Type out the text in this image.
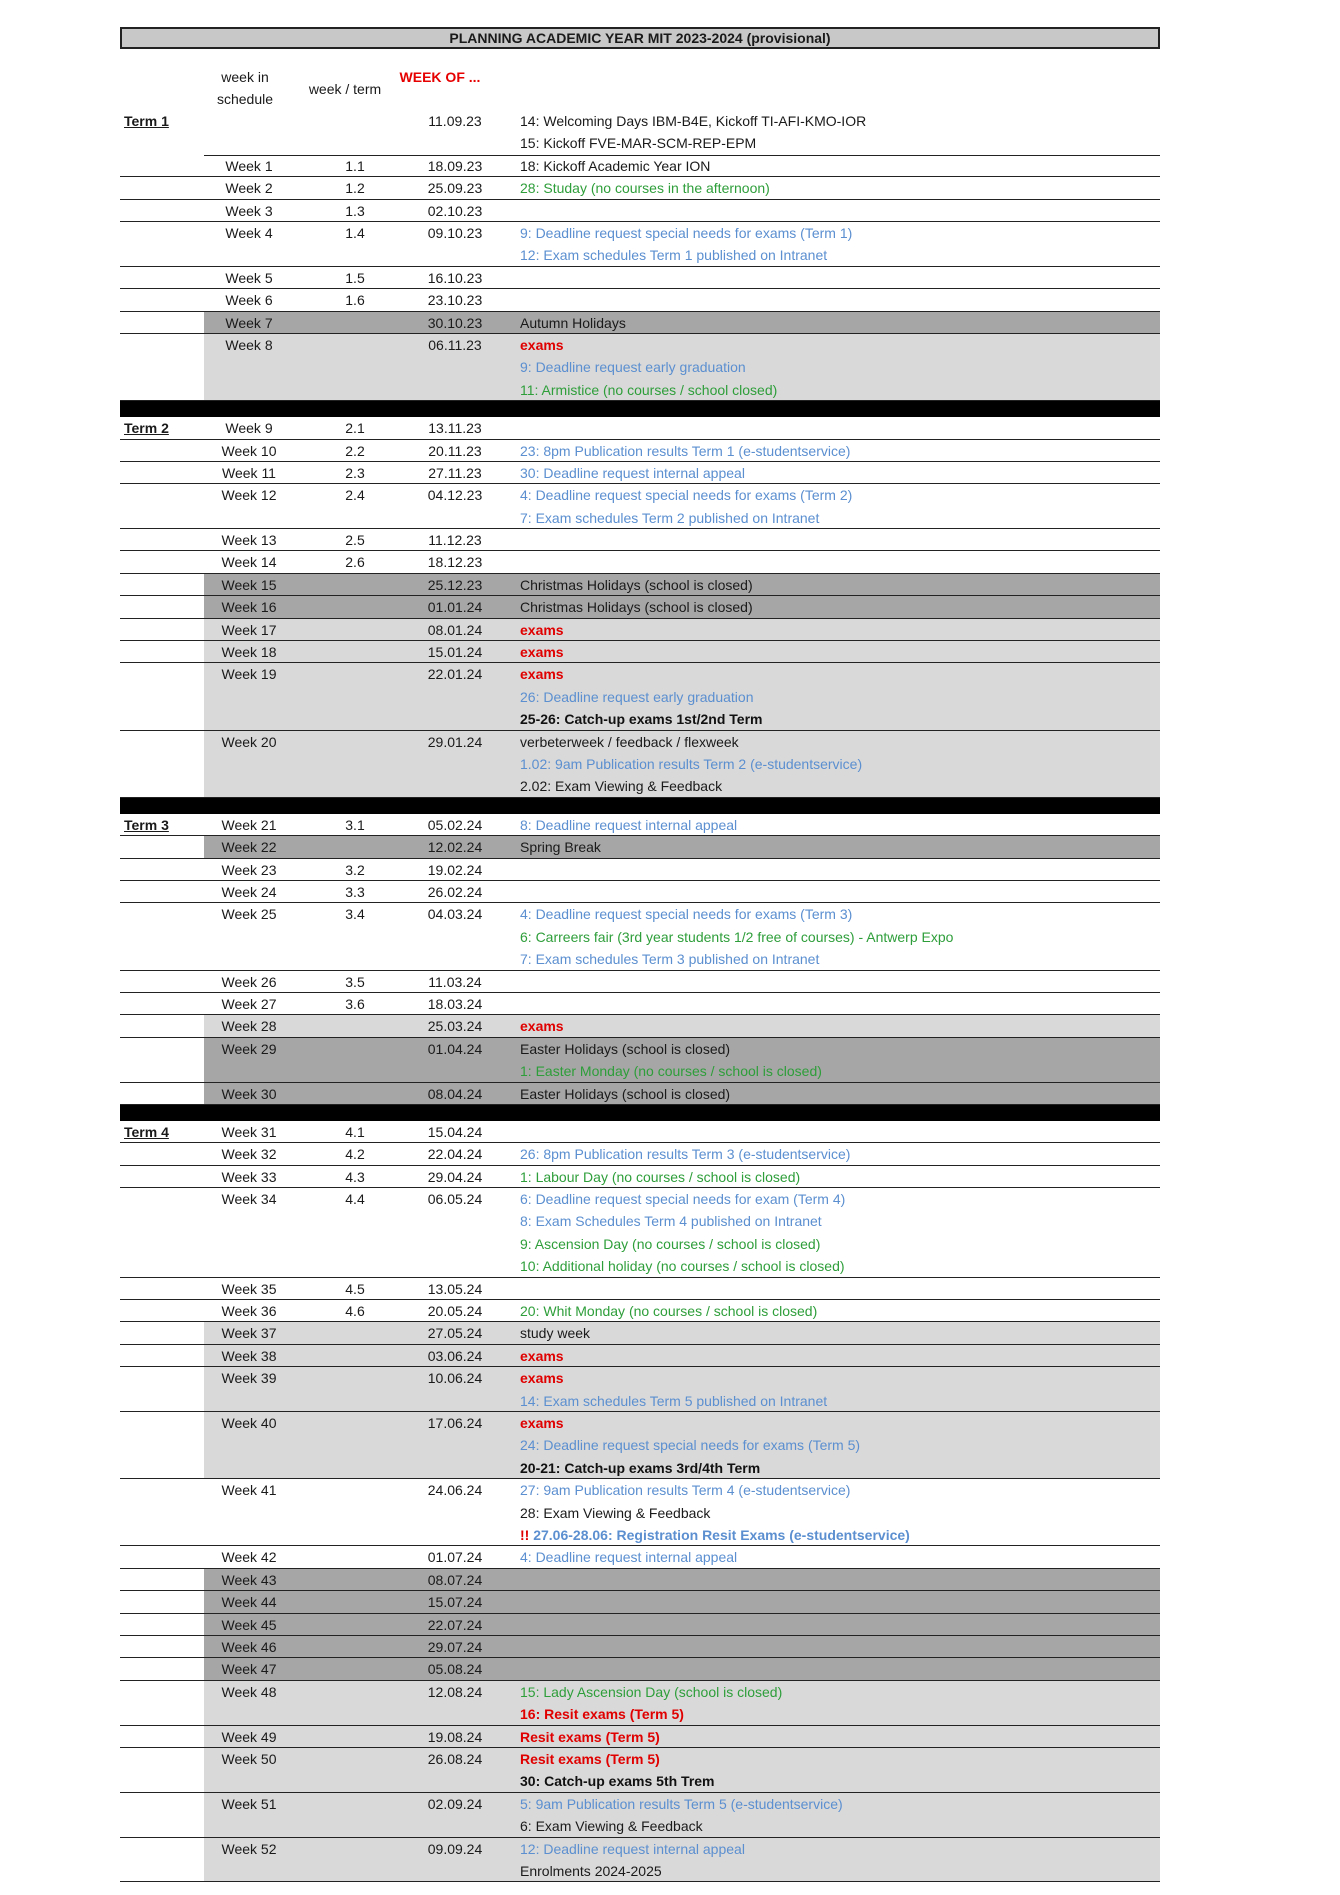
PLANNING ACADEMIC YEAR MIT 2023-2024 (provisional)
week in schedule
week / term
WEEK OF ...
Term 1	11.09.23	14: Welcoming Days IBM-B4E, Kickoff TI-AFI-KMO-IOR
15: Kickoff FVE-MAR-SCM-REP-EPM
Week 1	1.1	18.09.23	18: Kickoff Academic Year ION
Week 2	1.2	25.09.23	28: Studay (no courses in the afternoon)
Week 3	1.3	02.10.23
Week 4	1.4	09.10.23	9: Deadline request special needs for exams (Term 1)
12: Exam schedules Term 1 published on Intranet
Week 5	1.5	16.10.23
Week 6	1.6	23.10.23
Week 7	30.10.23	Autumn Holidays
Week 8	06.11.23	exams
9: Deadline request early graduation
11: Armistice (no courses / school closed)
Term 2	Week 9	2.1	13.11.23
Week 10	2.2	20.11.23	23: 8pm Publication results Term 1 (e-studentservice)
Week 11	2.3	27.11.23	30: Deadline request internal appeal
Week 12	2.4	04.12.23	4: Deadline request special needs for exams (Term 2)
7: Exam schedules Term 2 published on Intranet
Week 13	2.5	11.12.23
Week 14	2.6	18.12.23
Week 15	25.12.23	Christmas Holidays (school is closed)
Week 16	01.01.24	Christmas Holidays (school is closed)
Week 17	08.01.24	exams
Week 18	15.01.24	exams
Week 19	22.01.24	exams
26: Deadline request early graduation
25-26: Catch-up exams 1st/2nd Term
Week 20	29.01.24	verbeterweek / feedback / flexweek
1.02: 9am Publication results Term 2 (e-studentservice)
2.02: Exam Viewing & Feedback
Term 3	Week 21	3.1	05.02.24	8: Deadline request internal appeal
Week 22	12.02.24	Spring Break
Week 23	3.2	19.02.24
Week 24	3.3	26.02.24
Week 25	3.4	04.03.24	4: Deadline request special needs for exams (Term 3)
6: Carreers fair (3rd year students 1/2 free of courses) - Antwerp Expo
7: Exam schedules Term 3 published on Intranet
Week 26	3.5	11.03.24
Week 27	3.6	18.03.24
Week 28	25.03.24	exams
Week 29	01.04.24	Easter Holidays (school is closed)
1: Easter Monday (no courses / school is closed)
Week 30	08.04.24	Easter Holidays (school is closed)
Term 4	Week 31	4.1	15.04.24
Week 32	4.2	22.04.24	26: 8pm Publication results Term 3 (e-studentservice)
Week 33	4.3	29.04.24	1: Labour Day (no courses / school is closed)
Week 34	4.4	06.05.24	6: Deadline request special needs for exam (Term 4)
8: Exam Schedules Term 4 published on Intranet
9: Ascension Day (no courses / school is closed)
10: Additional holiday (no courses / school is closed)
Week 35	4.5	13.05.24
Week 36	4.6	20.05.24	20: Whit Monday (no courses / school is closed)
Week 37	27.05.24	study week
Week 38	03.06.24	exams
Week 39	10.06.24	exams
14: Exam schedules Term 5 published on Intranet
Week 40	17.06.24	exams
24: Deadline request special needs for exams (Term 5)
20-21: Catch-up exams 3rd/4th Term
Week 41	24.06.24	27: 9am Publication results Term 4 (e-studentservice)
28: Exam Viewing & Feedback
!! 27.06-28.06: Registration Resit Exams (e-studentservice)
Week 42	01.07.24	4: Deadline request internal appeal
Week 43	08.07.24
Week 44	15.07.24
Week 45	22.07.24
Week 46	29.07.24
Week 47	05.08.24
Week 48	12.08.24	15: Lady Ascension Day (school is closed)
16: Resit exams (Term 5)
Week 49	19.08.24	Resit exams (Term 5)
Week 50	26.08.24	Resit exams (Term 5)
30: Catch-up exams 5th Trem
Week 51	02.09.24	5: 9am Publication results Term 5 (e-studentservice)
6: Exam Viewing & Feedback
Week 52	09.09.24	12: Deadline request internal appeal
Enrolments 2024-2025
